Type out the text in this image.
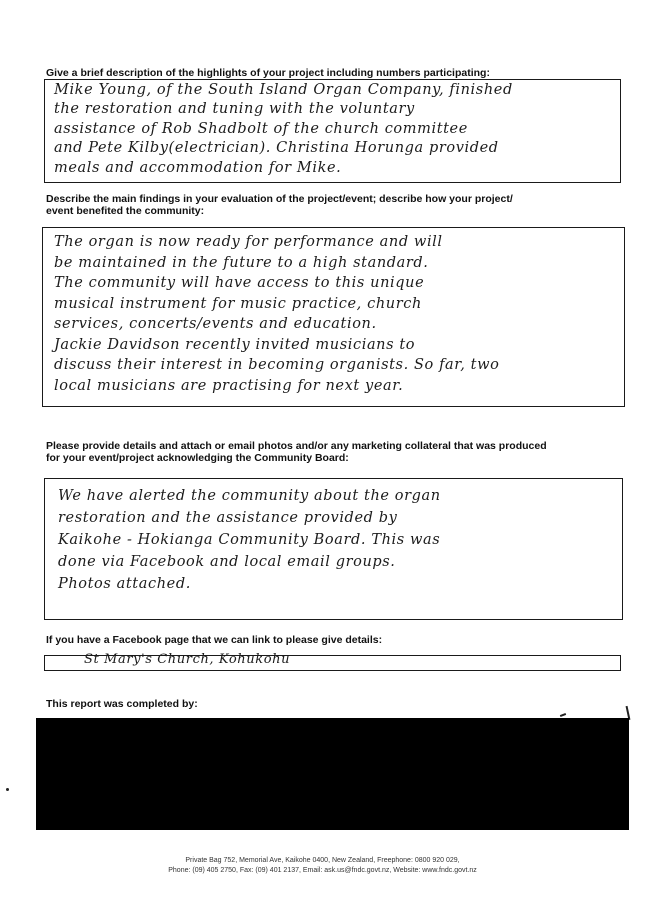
Give a brief description of the highlights of your project including numbers participating:

Mike Young, of the South Island Organ Company, finished
the restoration and tuning with the voluntary
assistance of Rob Shadbolt of the church committee
and Pete Kilby(electrician). Christina Horunga provided
meals and accommodation for Mike.

Describe the main findings in your evaluation of the project/event; describe how your project/

event benefited the community:

The organ is now ready for performance and will
be maintained in the future to a high standard.
The community will have access to this unique
musical instrument for music practice, church
services, concerts/events and education.
Jackie Davidson recently invited musicians to
discuss their interest in becoming organists. So far, two
local musicians are practising for next year.

Please provide details and attach or email photos and/or any marketing collateral that was produced

for your event/project acknowledging the Community Board:

We have alerted the community about the organ
restoration and the assistance provided by
Kaikohe - Hokianga Community Board. This was
done via Facebook and local email groups.
Photos attached.

If you have a Facebook page that we can link to please give details:

St Mary's Church, Kohukohu

This report was completed by:

Private Bag 752, Memorial Ave, Kaikohe 0400, New Zealand, Freephone: 0800 920 029,
Phone: (09) 405 2750, Fax: (09) 401 2137, Email: ask.us@fndc.govt.nz, Website: www.fndc.govt.nz
